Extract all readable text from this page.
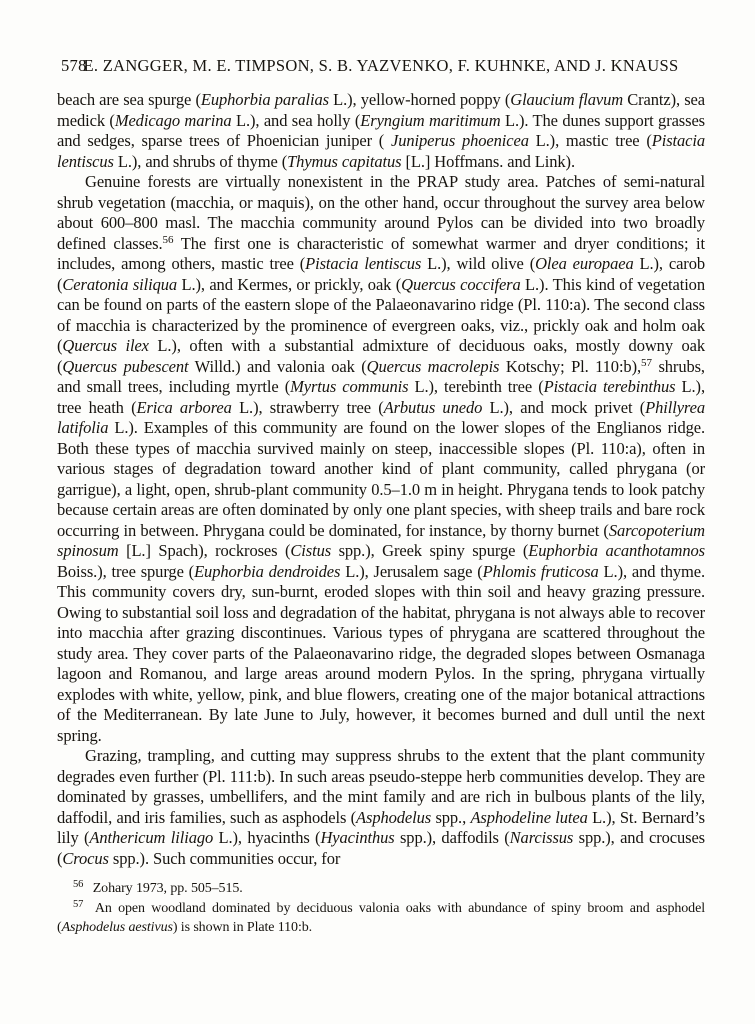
578
E. ZANGGER, M. E. TIMPSON, S. B. YAZVENKO, F. KUHNKE, AND J. KNAUSS

beach are sea spurge (Euphorbia paralias L.), yellow-horned poppy (Glaucium flavum Crantz), sea medick (Medicago marina L.), and sea holly (Eryngium maritimum L.). The dunes support grasses and sedges, sparse trees of Phoenician juniper ( Juniperus phoenicea L.), mastic tree (Pistacia lentiscus L.), and shrubs of thyme (Thymus capitatus [L.] Hoffmans. and Link).

Genuine forests are virtually nonexistent in the PRAP study area. Patches of semi-natural shrub vegetation (macchia, or maquis), on the other hand, occur throughout the survey area below about 600–800 masl. The macchia community around Pylos can be divided into two broadly defined classes.$^{56}$ The first one is characteristic of somewhat warmer and dryer conditions; it includes, among others, mastic tree (Pistacia lentiscus L.), wild olive (Olea europaea L.), carob (Ceratonia siliqua L.), and Kermes, or prickly, oak (Quercus coccifera L.). This kind of vegetation can be found on parts of the eastern slope of the Palaeonavarino ridge (Pl. 110:a). The second class of macchia is characterized by the prominence of evergreen oaks, viz., prickly oak and holm oak (Quercus ilex L.), often with a substantial admixture of deciduous oaks, mostly downy oak (Quercus pubescent Willd.) and valonia oak (Quercus macrolepis Kotschy; Pl. 110:b),$^{57}$ shrubs, and small trees, including myrtle (Myrtus communis L.), terebinth tree (Pistacia terebinthus L.), tree heath (Erica arborea L.), strawberry tree (Arbutus unedo L.), and mock privet (Phillyrea latifolia L.). Examples of this community are found on the lower slopes of the Englianos ridge. Both these types of macchia survived mainly on steep, inaccessible slopes (Pl. 110:a), often in various stages of degradation toward another kind of plant community, called phrygana (or garrigue), a light, open, shrub-plant community 0.5–1.0 m in height. Phrygana tends to look patchy because certain areas are often dominated by only one plant species, with sheep trails and bare rock occurring in between. Phrygana could be dominated, for instance, by thorny burnet (Sarcopoterium spinosum [L.] Spach), rockroses (Cistus spp.), Greek spiny spurge (Euphorbia acanthotamnos Boiss.), tree spurge (Euphorbia dendroides L.), Jerusalem sage (Phlomis fruticosa L.), and thyme. This community covers dry, sun-burnt, eroded slopes with thin soil and heavy grazing pressure. Owing to substantial soil loss and degradation of the habitat, phrygana is not always able to recover into macchia after grazing discontinues. Various types of phrygana are scattered throughout the study area. They cover parts of the Palaeonavarino ridge, the degraded slopes between Osmanaga lagoon and Romanou, and large areas around modern Pylos. In the spring, phrygana virtually explodes with white, yellow, pink, and blue flowers, creating one of the major botanical attractions of the Mediterranean. By late June to July, however, it becomes burned and dull until the next spring.

Grazing, trampling, and cutting may suppress shrubs to the extent that the plant community degrades even further (Pl. 111:b). In such areas pseudo-steppe herb communities develop. They are dominated by grasses, umbellifers, and the mint family and are rich in bulbous plants of the lily, daffodil, and iris families, such as asphodels (Asphodelus spp., Asphodeline lutea L.), St. Bernard’s lily (Anthericum liliago L.), hyacinths (Hyacinthus spp.), daffodils (Narcissus spp.), and crocuses (Crocus spp.). Such communities occur, for

$^{56}$ Zohary 1973, pp. 505–515.

$^{57}$ An open woodland dominated by deciduous valonia oaks with abundance of spiny broom and asphodel (Asphodelus aestivus) is shown in Plate 110:b.
